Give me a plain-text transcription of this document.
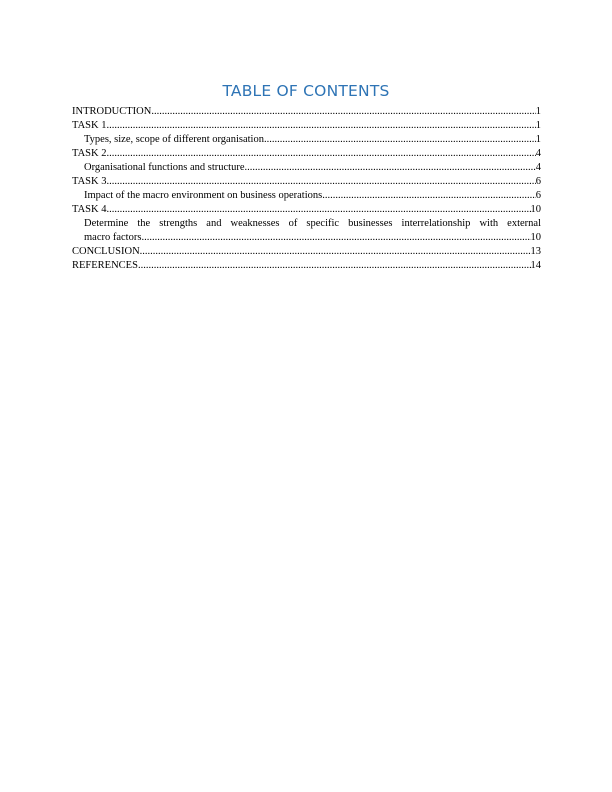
TABLE OF CONTENTS
INTRODUCTION .....	1
TASK 1 .....	1
Types, size, scope of different organisation .....	1
TASK 2 .....	4
Organisational functions and structure .....	4
TASK 3 .....	6
Impact of the macro environment on business operations .....	6
TASK 4 .....	10
Determine the strengths and weaknesses of specific businesses interrelationship with external
macro factors .....	10
CONCLUSION .....	13
REFERENCES .....	14
